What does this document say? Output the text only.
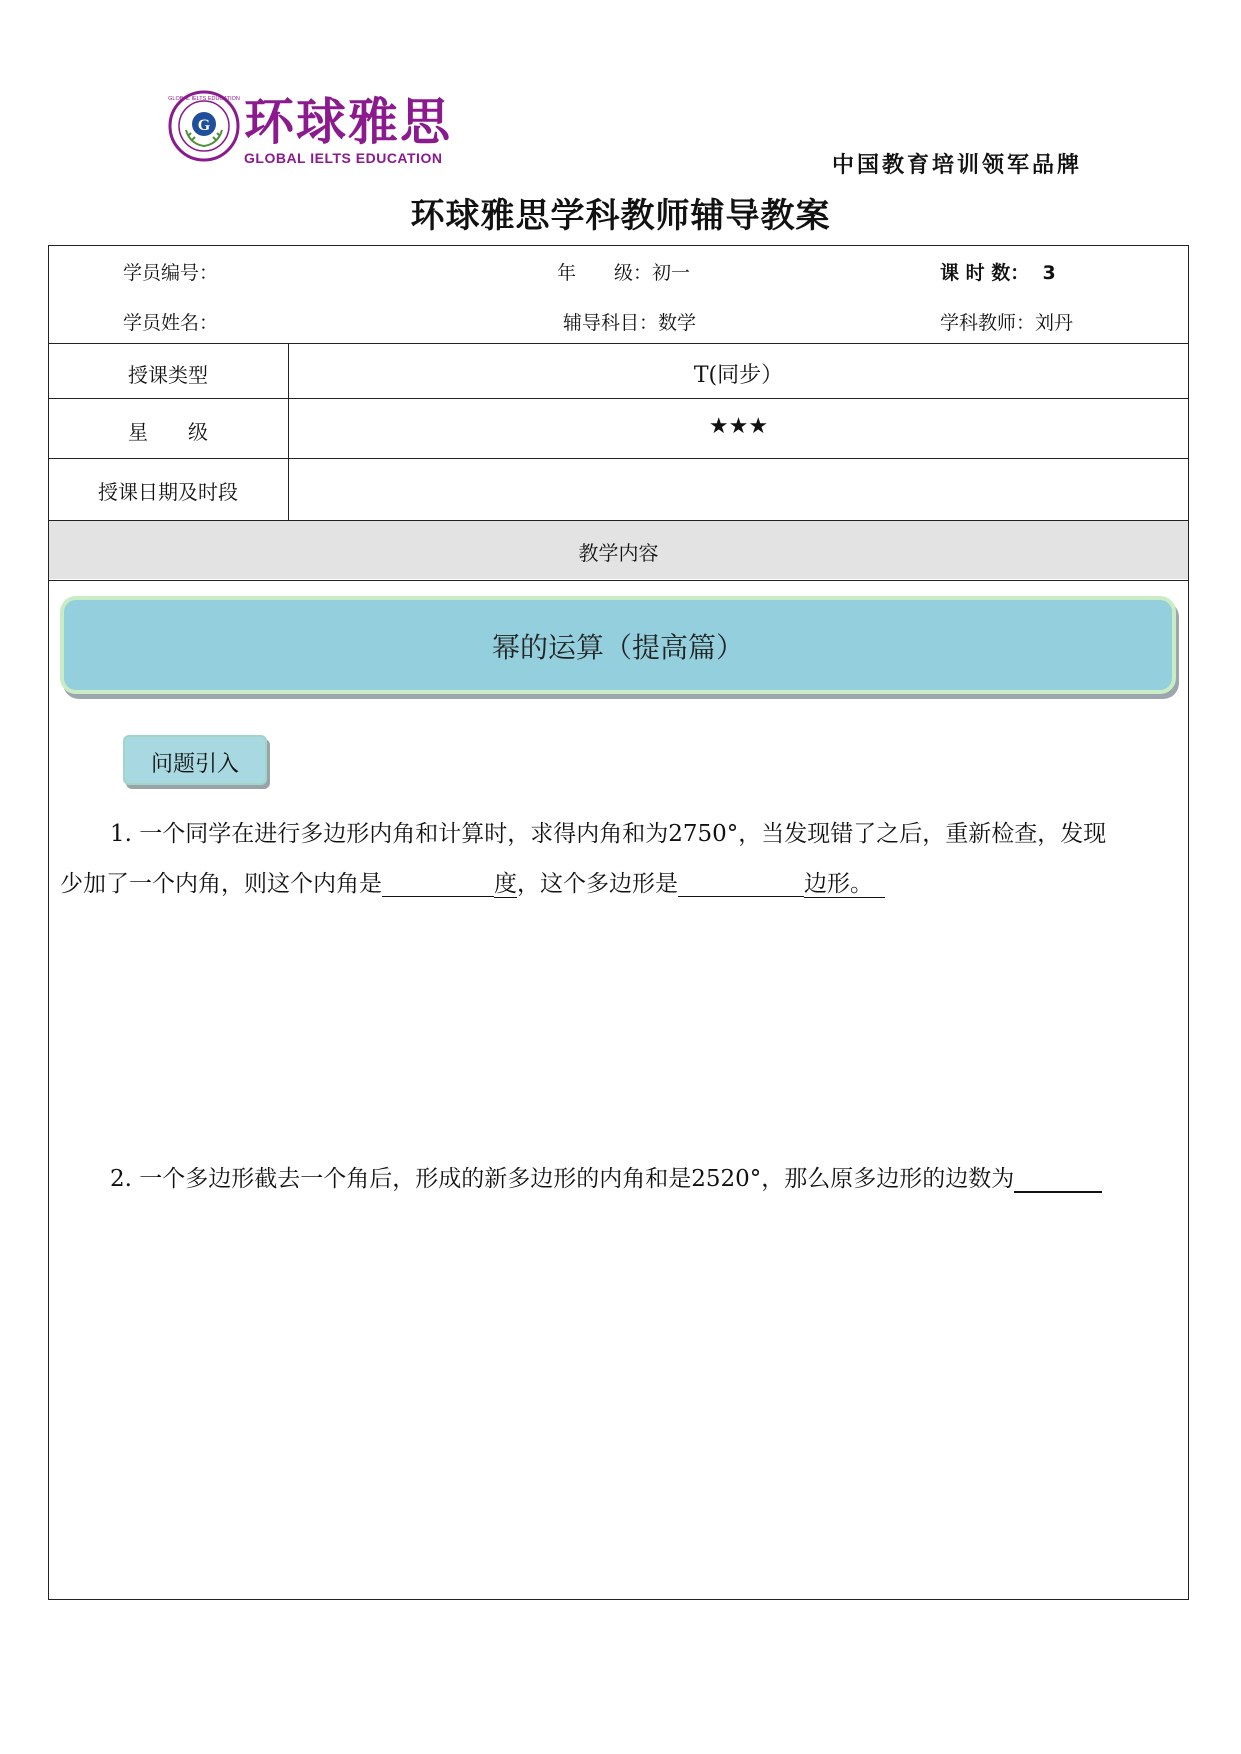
G
GLOBAL IELTS EDUCATION 环球雅思
GLOBAL IELTS EDUCATION	中国教育培训领军品牌
环球雅思学科教师辅导教案
学员编号：	年　　级：初一	课 时 数： 3
学员姓名：	辅导科目：数学	学科教师：刘丹
授课类型	T(同步）
星　　级	★★★
授课日期及时段
教学内容
幂的运算（提高篇）
问题引入
1. 一个同学在进行多边形内角和计算时，求得内角和为2750°，当发现错了之后，重新检查，发现
少加了一个内角，则这个内角是	度，这个多边形是	边形。
2. 一个多边形截去一个角后，形成的新多边形的内角和是2520°，那么原多边形的边数为
